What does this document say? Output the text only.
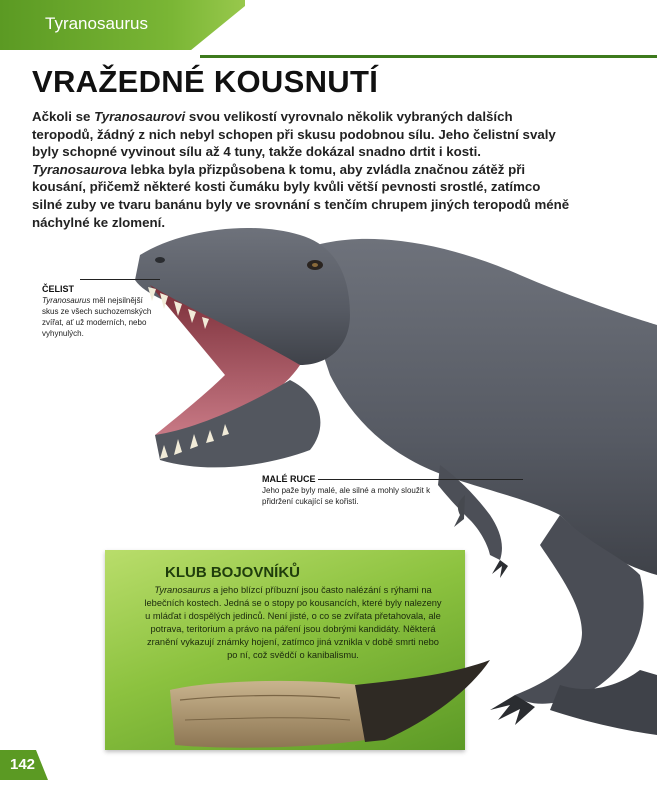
Tyranosaurus
VRAŽEDNÉ KOUSNUTÍ

Ačkoli se Tyranosaurovi svou velikostí vyrovnalo několik vybraných dalších teropodů, žádný z nich nebyl schopen při skusu podobnou sílu. Jeho čelistní svaly byly schopné vyvinout sílu až 4 tuny, takže dokázal snadno drtit i kosti. Tyranosaurova lebka byla přizpůsobena k tomu, aby zvládla značnou zátěž při kousání, přičemž některé kosti čumáku byly kvůli větší pevnosti srostlé, zatímco silné zuby ve tvaru banánu byly ve srovnání s tenčím chrupem jiných teropodů méně náchylné ke zlomení.

ČELIST

Tyranosaurus měl nejsilnější skus ze všech suchozemských zvířat, ať už moderních, nebo vyhynulých.

MALÉ RUCE

Jeho paže byly malé, ale silné a mohly sloužit k přidržení cukající se kořisti.

KLUB BOJOVNÍKŮ

Tyranosaurus a jeho blízcí příbuzní jsou často nalézání s rýhami na lebečních kostech. Jedná se o stopy po kousancích, které byly nalezeny u mláďat i dospělých jedinců. Není jisté, o co se zvířata přetahovala, ale potrava, teritorium a právo na páření jsou dobrými kandidáty. Některá zranění vykazují známky hojení, zatímco jiná vznikla v době smrti nebo po ní, což svědčí o kanibalismu.

142
